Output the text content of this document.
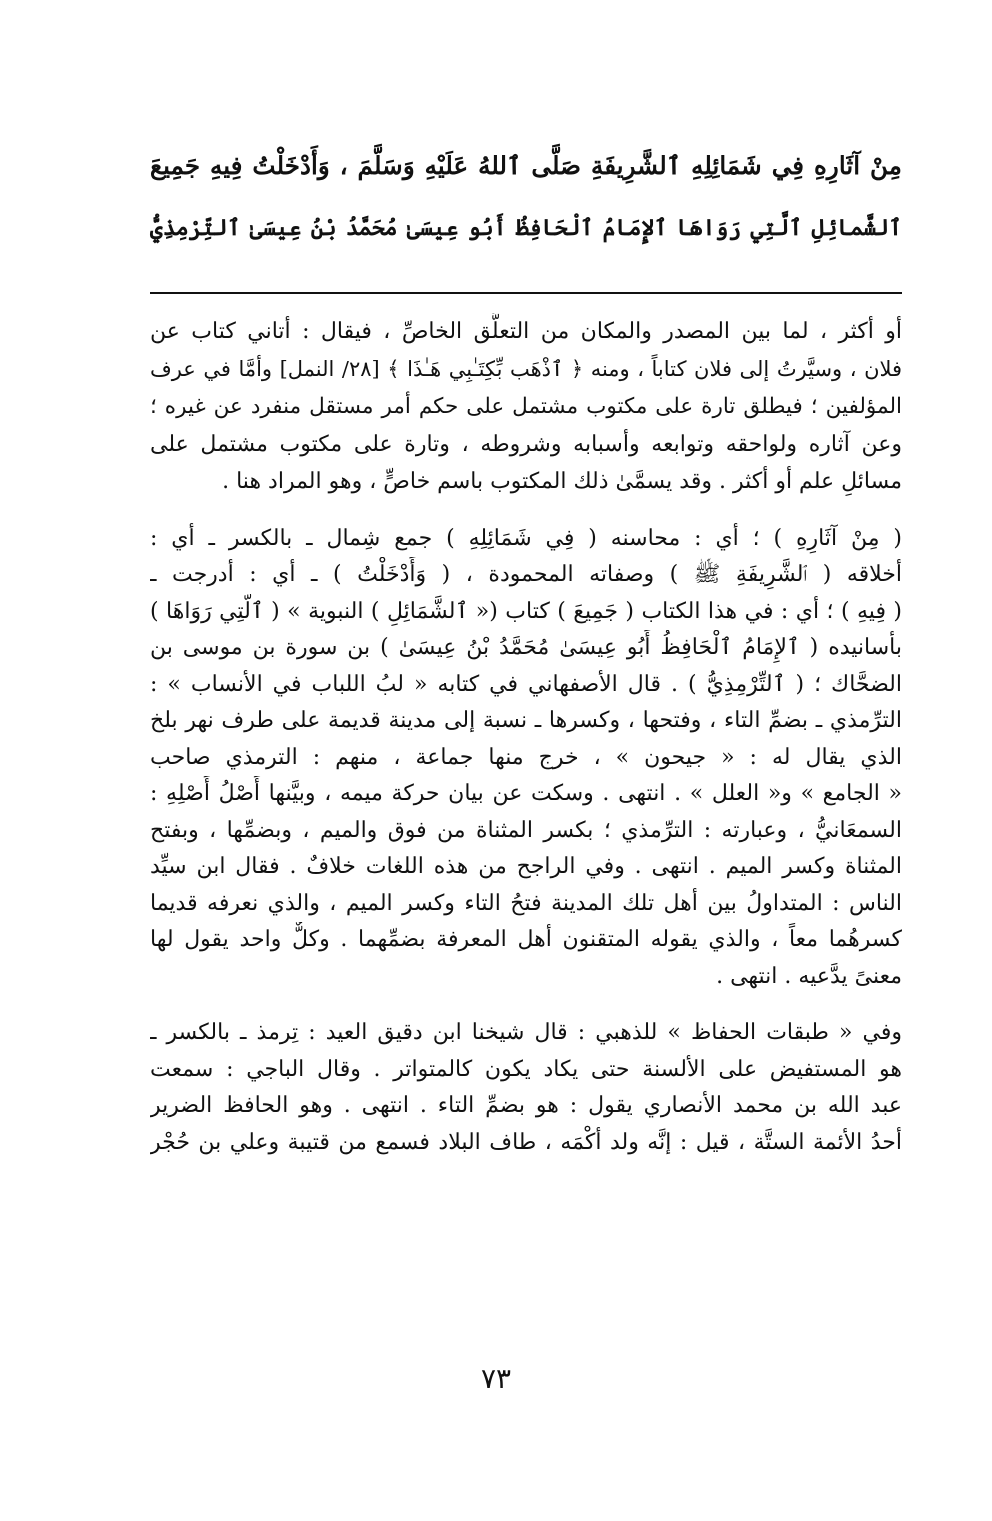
مِنْ آثَارِهِ فِي شَمَائِلِهِ ٱلشَّرِيفَةِ صَلَّى ٱللهُ عَلَيْهِ وَسَلَّمَ ، وَأَدْخَلْتُ فِيهِ جَمِيعَ
ٱلشَّمائِلِ ٱلَّتِي رَوَاهَا ٱلإِمَامُ ٱلْحَافِظُ أَبُو عِيسَىٰ مُحَمَّدُ بْنُ عِيسَىٰ ٱلتِّرْمِذِيُّ

أو أكثر ، لما بين المصدر والمكان من التعلُّق الخاصِّ ، فيقال : أتاني كتاب عن
فلان ، وسيَّرتُ إلى فلان كتاباً ، ومنه ﴿ ٱذْهَب بِّكِتَـٰبِي هَـٰذَا ﴾ [٢٨/ النمل] وأمَّا في عرف
المؤلفين ؛ فيطلق تارة على مكتوب مشتمل على حكم أمر مستقل منفرد عن غيره ؛
وعن آثاره ولواحقه وتوابعه وأسبابه وشروطه ، وتارة على مكتوب مشتمل على
مسائلِ علم أو أكثر . وقد يسمَّىٰ ذلك المكتوب باسم خاصٍّ ، وهو المراد هنا .
( مِنْ آثَارِهِ ) ؛ أي : محاسنه ( فِي شَمَائِلِهِ ) جمع شِمال ـ بالكسر ـ أي :
أخلاقه ( ٱلشَّرِيفَةِ ﷺ ) وصفاته المحمودة ، ( وَأَدْخَلْتُ ) ـ أي : أدرجت ـ
( فِيهِ ) ؛ أي : في هذا الكتاب ( جَمِيعَ ) كتاب (« ٱلشَّمَائِلِ ) النبوية » ( ٱلَّتِي رَوَاهَا )
بأسانيده ( ٱلإِمَامُ ٱلْحَافِظُ أَبُو عِيسَىٰ مُحَمَّدُ بْنُ عِيسَىٰ ) بن سورة بن موسى بن
الضحَّاك ؛ ( ٱلتِّرْمِذِيُّ ) . قال الأصفهاني في كتابه « لبُ اللباب في الأنساب » :
الترِّمذي ـ بضمِّ التاء ، وفتحها ، وكسرها ـ نسبة إلى مدينة قديمة على طرف نهر بلخ
الذي يقال له : « جيحون » ، خرج منها جماعة ، منهم : الترمذي صاحب
« الجامع » و« العلل » . انتهى . وسكت عن بيان حركة ميمه ، وبيَّنها أَصْلُ أَصْلِهِ :
السمعَانيُّ ، وعبارته : الترِّمذي ؛ بكسر المثناة من فوق والميم ، وبضمِّها ، وبفتح
المثناة وكسر الميم . انتهى . وفي الراجح من هذه اللغات خلافٌ . فقال ابن سيِّد
الناس : المتداولُ بين أهل تلك المدينة فتحُ التاء وكسر الميم ، والذي نعرفه قديما
كسرهُما معاً ، والذي يقوله المتقنون أهل المعرفة بضمِّهما . وكلٌّ واحد يقول لها
معنىً يدَّعيه . انتهى .
وفي « طبقات الحفاظ » للذهبي : قال شيخنا ابن دقيق العيد : تِرمذ ـ بالكسر ـ
هو المستفيض على الألسنة حتى يكاد يكون كالمتواتر . وقال الباجي : سمعت
عبد الله بن محمد الأنصاري يقول : هو بضمِّ التاء . انتهى . وهو الحافظ الضرير
أحدُ الأئمة الستَّة ، قيل : إنَّه ولد أكْمَه ، طاف البلاد فسمع من قتيبة وعلي بن حُجْر
٧٣
